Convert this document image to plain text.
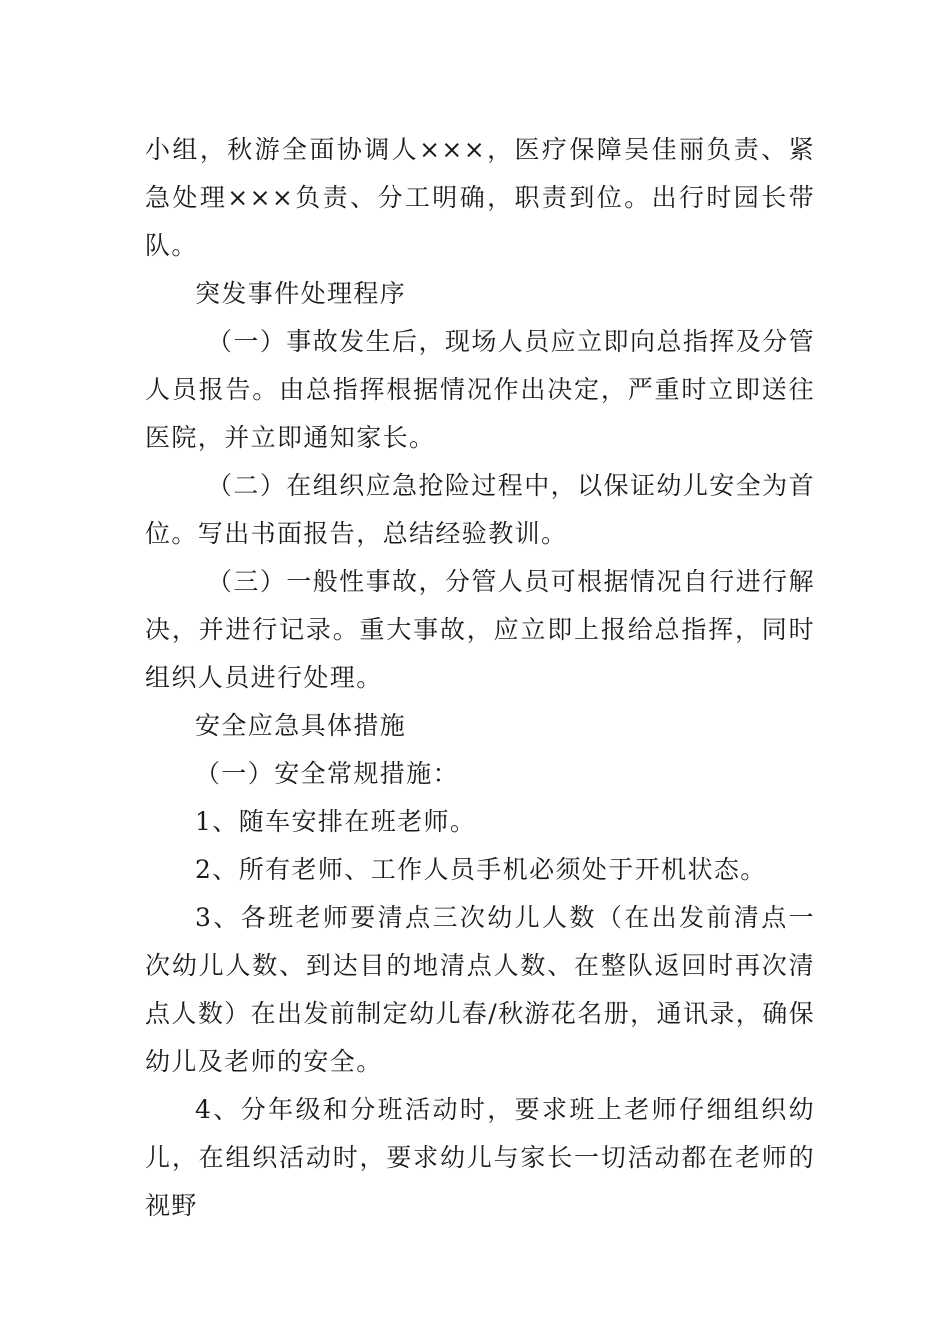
小组，秋游全面协调人×××，医疗保障吴佳丽负责、紧急处理×××负责、分工明确，职责到位。出行时园长带队。

突发事件处理程序

（一）事故发生后，现场人员应立即向总指挥及分管人员报告。由总指挥根据情况作出决定，严重时立即送往医院，并立即通知家长。

（二）在组织应急抢险过程中，以保证幼儿安全为首位。写出书面报告，总结经验教训。

（三）一般性事故，分管人员可根据情况自行进行解决，并进行记录。重大事故，应立即上报给总指挥，同时组织人员进行处理。

安全应急具体措施

（一）安全常规措施：

1、随车安排在班老师。

2、所有老师、工作人员手机必须处于开机状态。

3、各班老师要清点三次幼儿人数（在出发前清点一次幼儿人数、到达目的地清点人数、在整队返回时再次清点人数）在出发前制定幼儿春/秋游花名册，通讯录，确保幼儿及老师的安全。

4、分年级和分班活动时，要求班上老师仔细组织幼儿，在组织活动时，要求幼儿与家长一切活动都在老师的视野
